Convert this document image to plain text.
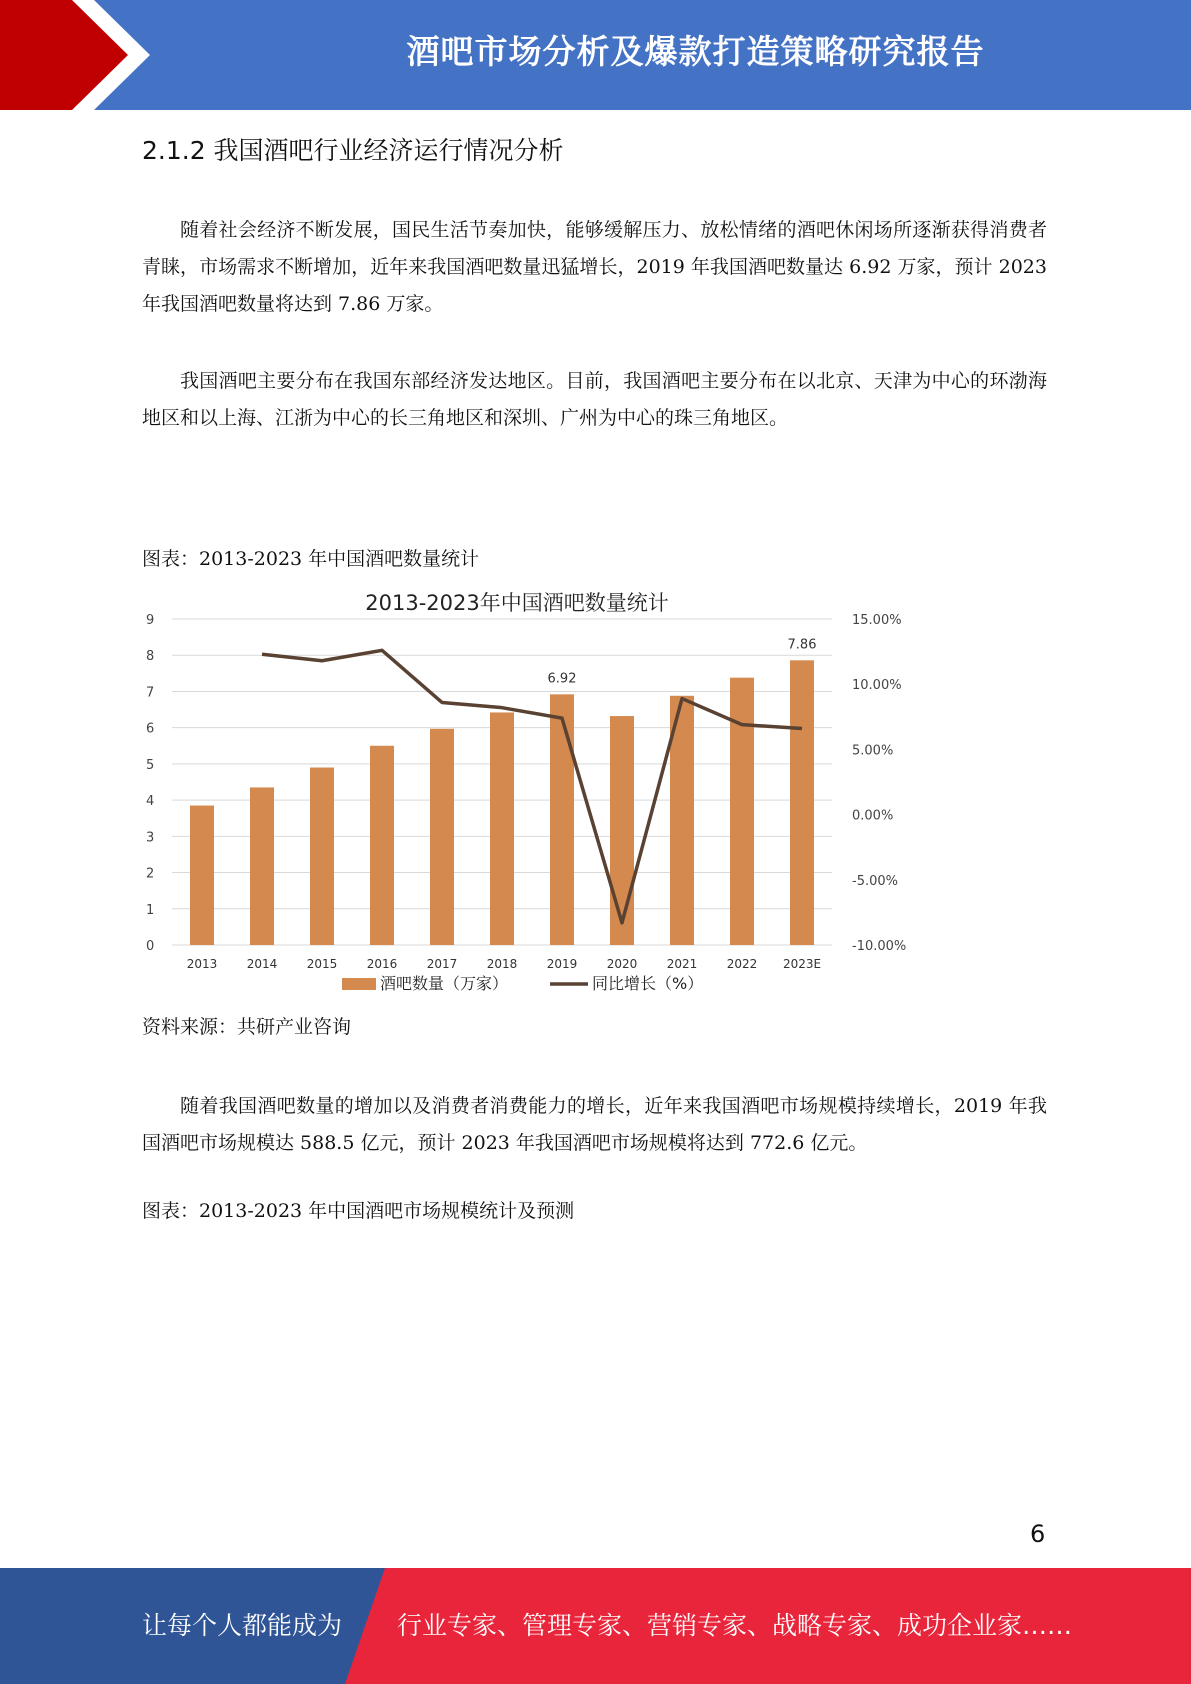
酒吧市场分析及爆款打造策略研究报告
2.1.2 我国酒吧行业经济运行情况分析

随着社会经济不断发展，国民生活节奏加快，能够缓解压力、放松情绪的酒吧休闲场所逐渐获得消费者青睐，市场需求不断增加，近年来我国酒吧数量迅猛增长，2019 年我国酒吧数量达 6.92 万家，预计 2023 年我国酒吧数量将达到 7.86 万家。

我国酒吧主要分布在我国东部经济发达地区。目前，我国酒吧主要分布在以北京、天津为中心的环渤海地区和以上海、江浙为中心的长三角地区和深圳、广州为中心的珠三角地区。

图表：2013-2023 年中国酒吧数量统计
2013-2023年中国酒吧数量统计
0
1
2
3
4
5
6
7
8
9
-10.00%
-5.00%
0.00%
5.00%
10.00%
15.00%
2013 2014 2015 2016 2017 2018 2019 2020 2021 2022 2023E
6.92
7.86
酒吧数量（万家）	同比增长（%）
资料来源：共研产业咨询

随着我国酒吧数量的增加以及消费者消费能力的增长，近年来我国酒吧市场规模持续增长，2019 年我国酒吧市场规模达 588.5 亿元，预计 2023 年我国酒吧市场规模将达到 772.6 亿元。

图表：2013-2023 年中国酒吧市场规模统计及预测
6
让每个人都能成为 行业专家、管理专家、营销专家、战略专家、成功企业家……
